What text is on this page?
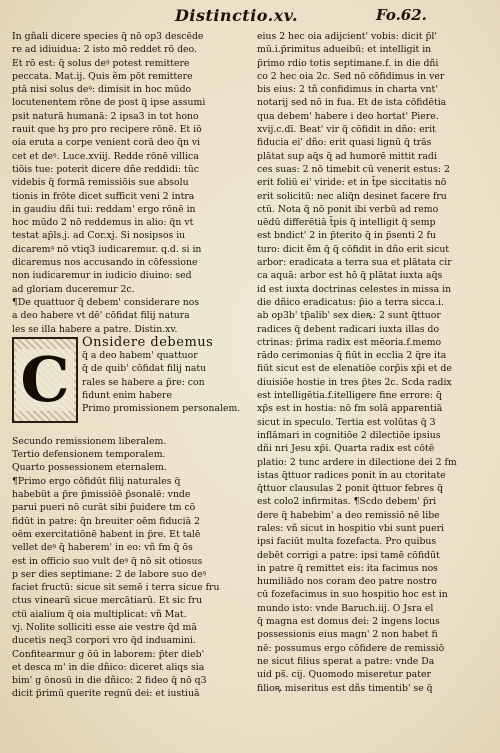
Distinctio.xv.	Fo.62.
In gñali dicere species q̃ nō op3 descēde
re ad idiuidua: 2 isto mō reddet rō deo.
Et rō est: q̃ solus deꝰ potest remittere
peccata. Mat.ij. Quis ẽm pōt remittere
ptā nisi solus deꝰ: dimisit in hoc mūdo
locutenentem rōne de post q̃ ipse assumi
psit naturā humanā: 2 ipsa3 in tot hono
rauit que hȝ pro pro recipere rōnē. Et iō
oia eruta a corpe venient corā deo q̃n vi
cet et deꝰ. Luce.xviij. Redde rōnē villica
tiōis tue: poterit dicere dñe reddidi: tūc
videbis q̃ formā remissiōis sue absolu
tionis in frōte dicet sufficit veni 2 intra
in gaudiu dñi tui: reddam' ergo rōnē in
hoc mūdo 2 nō reddemus in alio: q̃n vt
testat ap̃ls.j. ad Cor.xj. Si nosipsos iu
dicaremꝰ nō vtiq3 iudicaremur. q.d. si in
dicaremus nos accusando in cōfessione
non iudicaremur in iudicio diuino: sed
ad gloriam duceremur 2c.
¶De quattuor q̃ debem' considerare nos
a deo habere vt dē' cōfidat filij natura
les se illa habere a patre. Distin.xv.
C
Onsidere debemus
q̃ a deo habem' quattuor
q̃ de quib' cōfidat filij natu
rales se habere a p̃re: con
fidunt enim habere
Primo promissionem personalem.
Secundo remissionem liberalem.
Tertio defensionem temporalem.
Quarto possessionem eternalem.
¶Primo ergo cōfidūt filij naturales q̃
habebūt a p̃re p̃missiōē p̃sonalē: vnde
parui pueri nō curāt sibi p̃uidere tm cō
fidūt in patre: q̃n breuiter oēm fiduciā 2
oēm exercitatiōnē habent in p̃re. Et talē
vellet deꝰ q̃ haberem' in eo: vñ fm q̃ ōs
est in officio suo vult deꝰ q̃ nō sit otiosus
p ser dies septimane: 2 de labore suo deꝰ
faciet fructū: sicue sit semē i terra sicue fru
ctus vinearū sicue mercātiarū. Et sic fru
ctū aialium q̃ oia multiplicat: vñ Mat.
vj. Nolite solliciti esse aie vestre q̃d mā
ducetis neq3 corpori vro q̃d induamini.
Confitearmur g ōū in laborem: p̃ter dieb'
et desca m' in die dñico: diceret aliqs sia
bim' g ōnosū in die dñico: 2 fideo q̃ nō q3
dicit p̃rimū querite regnū dei: et iustiuā
eius 2 hec oia adijcient' vobis: dicit p̃l'
mū.i.p̃rimitus adueibū: et intelligit in
p̃rimo rdio totis septimane.f. in die dñi
co 2 hec oia 2c. Sed nō cōfidimus in ver
bis eius: 2 tñ confidimus in charta vnt'
notarij sed nō in fua. Et de ista cōfidētia
qua debem' habere i deo hortat' Piere.
xvij.c.dī. Beat' vir q̃ cōfidit in dño: erit
fiducia ei' dño: erit quasi lignū q̃ trās
plātat sup aq̃s q̃ ad humorē mittit radi
ces suas: 2 nō timebit cū venerit estus: 2
erit foliū ei' viride: et in t̃pe siccitatis nō
erit solicitū: nec aliq̃n desinet facere fru
ctū. Nota q̃ nō ponit ibi verbū ad remo
uēdū differētiā t̃pis q̃ intelligit q̃ semp
est bndict' 2 in p̃terito q̃ in p̃senti 2 fu
turo: dicit ẽm q̃ q̃ cōfidit in dño erit sicut
arbor: eradicata a terra sua et plātata cir
ca aquā: arbor est hō q̃ plātat iuxta aq̃s
id est iuxta doctrinas celestes in missa in
die dñico eradicatus: p̃io a terra sicca.i.
ab op3b' tp̃alib' sex dieꝶ: 2 sunt q̃ttuor
radices q̃ debent radicari iuxta illas do
ctrinas: p̃rima radix est mēoria.f.memo
rādo cerimonias q̃ fiūt in ecclia 2 q̃re ita
fiūt sicut est de elenatiōe corp̃is xp̃i et de
diuisiōe hostie in tres p̃tes 2c. Scda radix
est intelligētia.f.itelligere fine errore: q̃
xp̃s est in hostia: nō fm solā apparentiā
sicut in speculo. Tertia est volūtas q̃ 3
inflāmari in cognitiōe 2 dilectiōe ipsius
dñi nri Jesu xp̃i. Quarta radix est cōtē
platio: 2 tunc ardere in dilectione dei 2 fm
istas q̃ttuor radices ponit in au ctoritate
q̃ttuor clausulas 2 ponit q̃ttuor febres q̃
est colo2 infirmitas. ¶Scdo debem' p̃ri
dere q̃ habebim' a deo remissiō nē libe
rales: vñ sicut in hospitio vbi sunt pueri
ipsi faciūt multa fozefacta. Pro quibus
debēt corrigi a patre: ipsi tamē cōfidūt
in patre q̃ remittet eis: ita facimus nos
humiliādo nos coram deo patre nostro
cū fozefacimus in suo hospitio hoc est in
mundo isto: vnde Baruch.iij. O Jsra el
q̃ magna est domus dei: 2 ingens locus
possessionis eius magn' 2 non habet fi
nē: possumus ergo cōfidere de remissiō
ne sicut filius sperat a patre: vnde Da
uid ps̃. cij. Quomodo miseretur pater
filioꝶ miseritus est dñs timentib' se q̃
